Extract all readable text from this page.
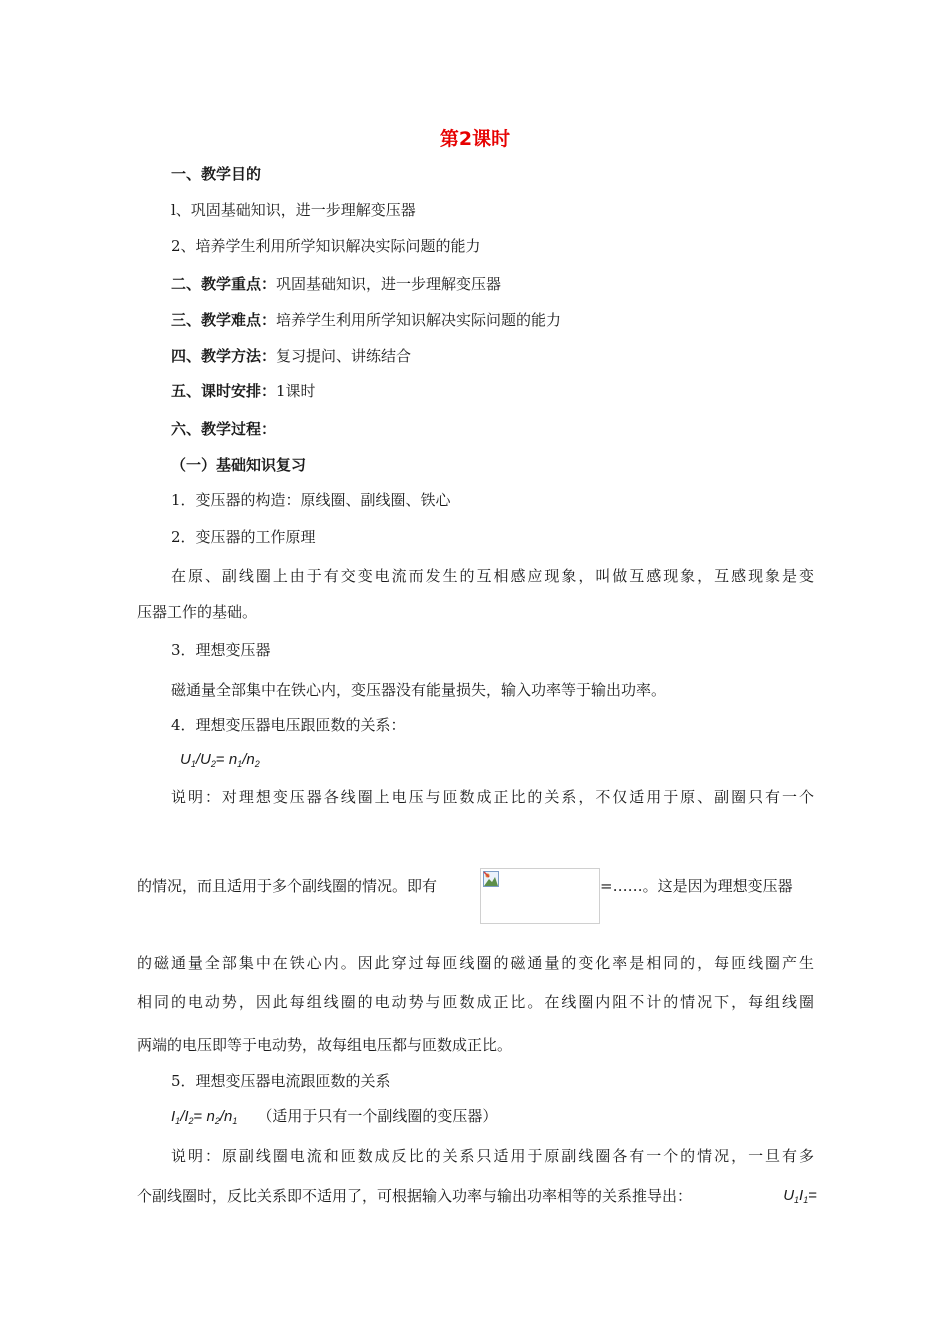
第2课时
一、教学目的
l、巩固基础知识，进一步理解变压器
2、培养学生利用所学知识解决实际问题的能力
二、教学重点：巩固基础知识，进一步理解变压器
三、教学难点：培养学生利用所学知识解决实际问题的能力
四、教学方法：复习提问、讲练结合
五、课时安排：1课时
六、教学过程：
（一）基础知识复习
1．变压器的构造：原线圈、副线圈、铁心
2．变压器的工作原理
在原、副线圈上由于有交变电流而发生的互相感应现象，叫做互感现象，互感现象是变
压器工作的基础。
3．理想变压器
磁通量全部集中在铁心内，变压器没有能量损失，输入功率等于输出功率。
4．理想变压器电压跟匝数的关系：
$U_1/U_2= n_1/n_2$
说明：对理想变压器各线圈上电压与匝数成正比的关系，不仅适用于原、副圈只有一个
的情况，而且适用于多个副线圈的情况。即有	=……。这是因为理想变压器
的磁通量全部集中在铁心内。因此穿过每匝线圈的磁通量的变化率是相同的，每匝线圈产生
相同的电动势，因此每组线圈的电动势与匝数成正比。在线圈内阻不计的情况下，每组线圈
两端的电压即等于电动势，故每组电压都与匝数成正比。
5．理想变压器电流跟匝数的关系
$I_1/I_2= n_2/n_1$ （适用于只有一个副线圈的变压器）
说明：原副线圈电流和匝数成反比的关系只适用于原副线圈各有一个的情况，一旦有多
个副线圈时，反比关系即不适用了，可根据输入功率与输出功率相等的关系推导出：	$U_1I_1=$
